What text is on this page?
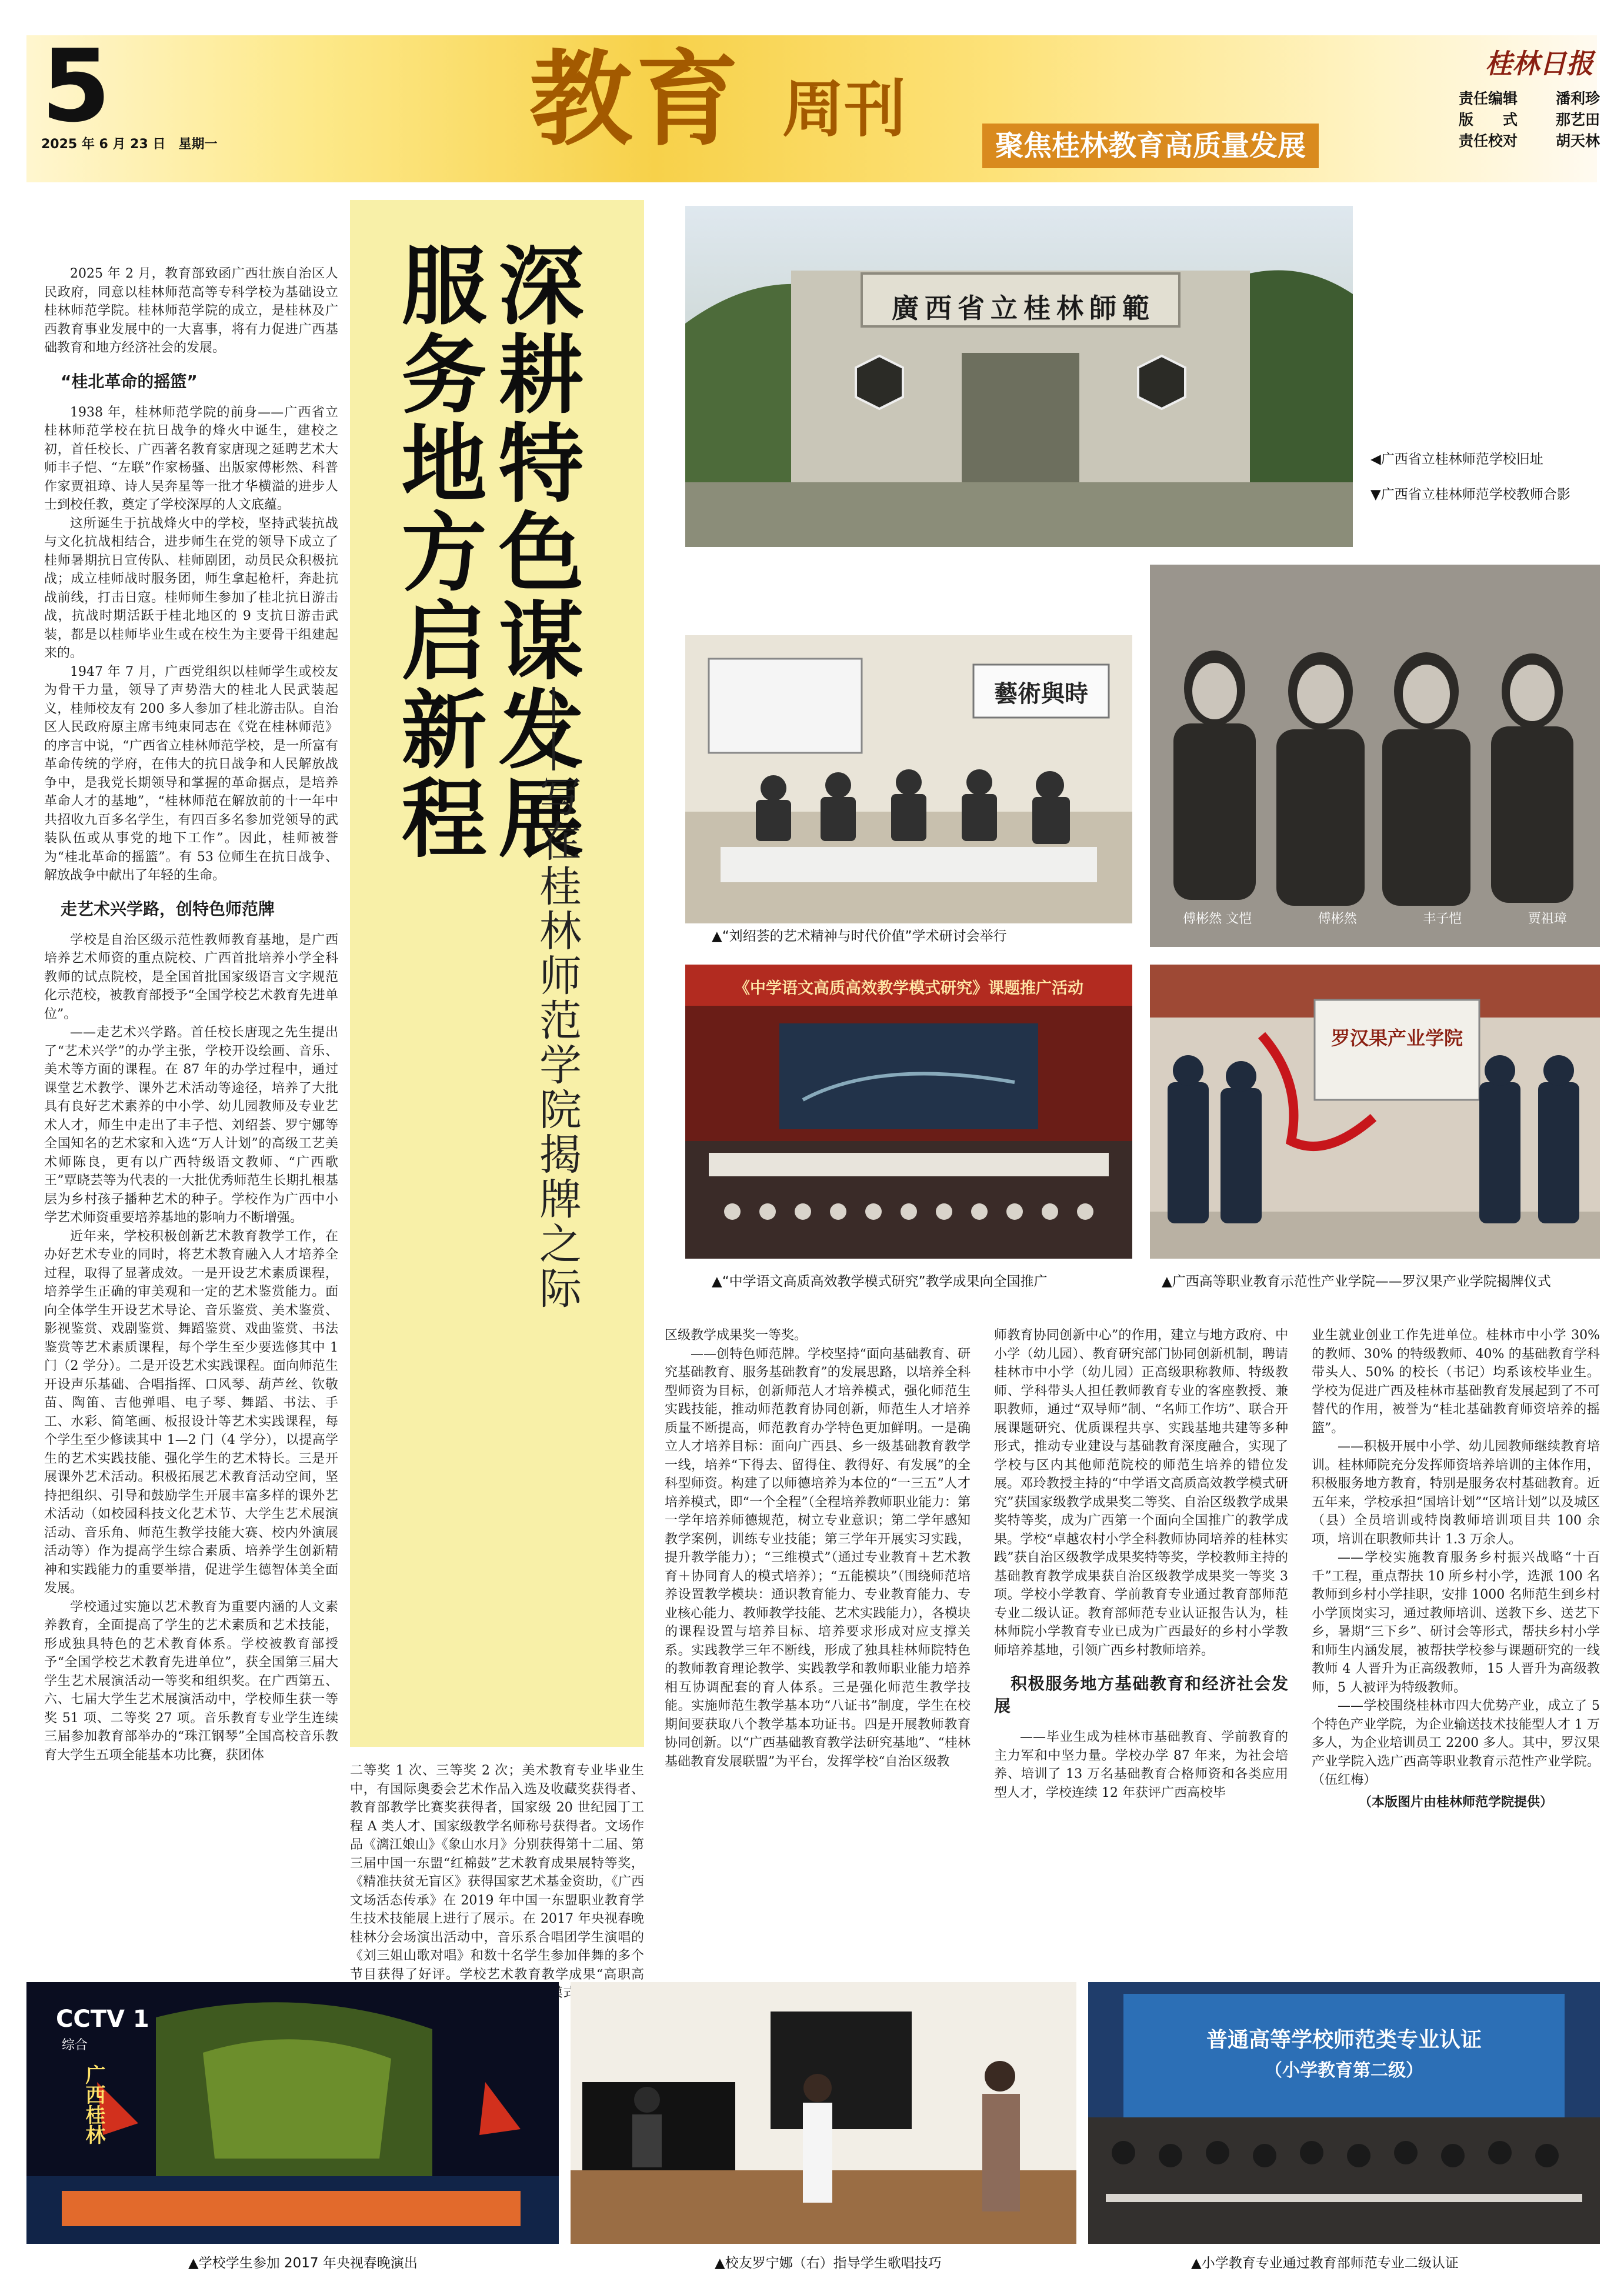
5
2025 年 6 月 23 日　星期一	教育 周刊
聚焦桂林教育高质量发展
桂林日报
责任编辑	潘利珍
版　　式	那艺田
责任校对	胡天林
深耕特色谋发展
服务地方启新程
——写在桂林师范学院揭牌之际

2025 年 2 月，教育部致函广西壮族自治区人民政府，同意以桂林师范高等专科学校为基础设立桂林师范学院。桂林师范学院的成立，是桂林及广西教育事业发展中的一大喜事，将有力促进广西基础教育和地方经济社会的发展。

“桂北革命的摇篮”

1938 年，桂林师范学院的前身——广西省立桂林师范学校在抗日战争的烽火中诞生，建校之初，首任校长、广西著名教育家唐现之延聘艺术大师丰子恺、“左联”作家杨骚、出版家傅彬然、科普作家贾祖璋、诗人吴奔星等一批才华横溢的进步人士到校任教，奠定了学校深厚的人文底蕴。

这所诞生于抗战烽火中的学校，坚持武装抗战与文化抗战相结合，进步师生在党的领导下成立了桂师暑期抗日宣传队、桂师剧团，动员民众积极抗战；成立桂师战时服务团，师生拿起枪杆，奔赴抗战前线，打击日寇。桂师师生参加了桂北抗日游击战，抗战时期活跃于桂北地区的 9 支抗日游击武装，都是以桂师毕业生或在校生为主要骨干组建起来的。

1947 年 7 月，广西党组织以桂师学生或校友为骨干力量，领导了声势浩大的桂北人民武装起义，桂师校友有 200 多人参加了桂北游击队。自治区人民政府原主席韦纯束同志在《党在桂林师范》的序言中说，“广西省立桂林师范学校，是一所富有革命传统的学府，在伟大的抗日战争和人民解放战争中，是我党长期领导和掌握的革命据点，是培养革命人才的基地”，“桂林师范在解放前的十一年中共招收九百多名学生，有四百多名参加党领导的武装队伍或从事党的地下工作”。因此，桂师被誉为“桂北革命的摇篮”。有 53 位师生在抗日战争、解放战争中献出了年轻的生命。

走艺术兴学路，创特色师范牌

学校是自治区级示范性教师教育基地，是广西培养艺术师资的重点院校、广西首批培养小学全科教师的试点院校，是全国首批国家级语言文字规范化示范校，被教育部授予“全国学校艺术教育先进单位”。

——走艺术兴学路。首任校长唐现之先生提出了“艺术兴学”的办学主张，学校开设绘画、音乐、美术等方面的课程。在 87 年的办学过程中，通过课堂艺术教学、课外艺术活动等途径，培养了大批具有良好艺术素养的中小学、幼儿园教师及专业艺术人才，师生中走出了丰子恺、刘绍荟、罗宁娜等全国知名的艺术家和入选“万人计划”的高级工艺美术师陈良，更有以广西特级语文教师、“广西歌王”覃晓芸等为代表的一大批优秀师范生长期扎根基层为乡村孩子播种艺术的种子。学校作为广西中小学艺术师资重要培养基地的影响力不断增强。

近年来，学校积极创新艺术教育教学工作，在办好艺术专业的同时，将艺术教育融入人才培养全过程，取得了显著成效。一是开设艺术素质课程，培养学生正确的审美观和一定的艺术鉴赏能力。面向全体学生开设艺术导论、音乐鉴赏、美术鉴赏、影视鉴赏、戏剧鉴赏、舞蹈鉴赏、戏曲鉴赏、书法鉴赏等艺术素质课程，每个学生至少要选修其中 1 门（2 学分）。二是开设艺术实践课程。面向师范生开设声乐基础、合唱指挥、口风琴、葫芦丝、钦敬苗、陶笛、吉他弹唱、电子琴、舞蹈、书法、手工、水彩、简笔画、板报设计等艺术实践课程，每个学生至少修读其中 1—2 门（4 学分），以提高学生的艺术实践技能、强化学生的艺术特长。三是开展课外艺术活动。积极拓展艺术教育活动空间，坚持把组织、引导和鼓励学生开展丰富多样的课外艺术活动（如校园科技文化艺术节、大学生艺术展演活动、音乐角、师范生教学技能大赛、校内外演展活动等）作为提高学生综合素质、培养学生创新精神和实践能力的重要举措，促进学生德智体美全面发展。

学校通过实施以艺术教育为重要内涵的人文素养教育，全面提高了学生的艺术素质和艺术技能，形成独具特色的艺术教育体系。学校被教育部授予“全国学校艺术教育先进单位”，获全国第三届大学生艺术展演活动一等奖和组织奖。在广西第五、六、七届大学生艺术展演活动中，学校师生获一等奖 51 项、二等奖 27 项。音乐教育专业学生连续三届参加教育部举办的“珠江钢琴”全国高校音乐教育大学生五项全能基本功比赛，获团体

二等奖 1 次、三等奖 2 次；美术教育专业毕业生中，有国际奥委会艺术作品入选及收藏奖获得者、教育部教学比赛奖获得者，国家级 20 世纪园丁工程 A 类人才、国家级教学名师称号获得者。文场作品《漓江娘山》《象山水月》分别获得第十二届、第三届中国一东盟“红棉鼓”艺术教育成果展特等奖，《精准扶贫无盲区》获得国家艺术基金资助，《广西文场活态传承》在 2019 年中国一东盟职业教育学生技术技能展上进行了展示。在 2017 年央视春晚桂林分会场演出活动中，音乐系合唱团学生演唱的《刘三姐山歌对唱》和数十名学生参加伴舞的多个节目获得了好评。学校艺术教育教学成果“高职高 模式

区级教学成果奖一等奖。

——创特色师范牌。学校坚持“面向基础教育、研究基础教育、服务基础教育”的发展思路，以培养全科型师资为目标，创新师范人才培养模式，强化师范生实践技能，推动师范教育协同创新，师范生人才培养质量不断提高，师范教育办学特色更加鲜明。一是确立人才培养目标：面向广西县、乡一级基础教育教学一线，培养“下得去、留得住、教得好、有发展”的全科型师资。构建了以师德培养为本位的“一三五”人才培养模式，即“一个全程”（全程培养教师职业能力：第一学年培养师德规范，树立专业意识；第二学年感知教学案例，训练专业技能；第三学年开展实习实践，提升教学能力）；“三维模式”（通过专业教育＋艺术教育＋协同育人的模式培养）；“五能模块”（围绕师范培养设置教学模块：通识教育能力、专业教育能力、专业核心能力、教师教学技能、艺术实践能力），各模块的课程设置与培养目标、培养要求形成对应支撑关系。实践教学三年不断线，形成了独具桂林师院特色的教师教育理论教学、实践教学和教师职业能力培养相互协调配套的育人体系。三是强化师范生教学技能。实施师范生教学基本功“八证书”制度，学生在校期间要获取八个教学基本功证书。四是开展教师教育协同创新。以“广西基础教育教学法研究基地”、“桂林基础教育发展联盟”为平台，发挥学校“自治区级教

师教育协同创新中心”的作用，建立与地方政府、中小学（幼儿园）、教育研究部门协同创新机制，聘请桂林市中小学（幼儿园）正高级职称教师、特级教师、学科带头人担任教师教育专业的客座教授、兼职教师，通过“双导师”制、“名师工作坊”、联合开展课题研究、优质课程共享、实践基地共建等多种形式，推动专业建设与基础教育深度融合，实现了学校与区内其他师范院校的师范生培养的错位发展。邓玲教授主持的“中学语文高质高效教学模式研究”获国家级教学成果奖二等奖、自治区级教学成果奖特等奖，成为广西第一个面向全国推广的教学成果。学校“卓越农村小学全科教师协同培养的桂林实践”获自治区级教学成果奖特等奖，学校教师主持的基础教育教学成果获自治区级教学成果奖一等奖 3 项。学校小学教育、学前教育专业通过教育部师范专业二级认证。教育部师范专业认证报告认为，桂林师院小学教育专业已成为广西最好的乡村小学教师培养基地，引领广西乡村教师培养。

积极服务地方基础教育和经济社会发展

——毕业生成为桂林市基础教育、学前教育的主力军和中坚力量。学校办学 87 年来，为社会培养、培训了 13 万名基础教育合格师资和各类应用型人才，学校连续 12 年获评广西高校毕

业生就业创业工作先进单位。桂林市中小学 30% 的教师、30% 的特级教师、40% 的基础教育学科带头人、50% 的校长（书记）均系该校毕业生。学校为促进广西及桂林市基础教育发展起到了不可替代的作用，被誉为“桂北基础教育师资培养的摇篮”。

——积极开展中小学、幼儿园教师继续教育培训。桂林师院充分发挥师资培养培训的主体作用，积极服务地方教育，特别是服务农村基础教育。近五年来，学校承担“国培计划”“区培计划”以及城区（县）全员培训或特岗教师培训项目共 100 余项，培训在职教师共计 1.3 万余人。

——学校实施教育服务乡村振兴战略“十百千”工程，重点帮扶 10 所乡村小学，选派 100 名教师到乡村小学挂职，安排 1000 名师范生到乡村小学顶岗实习，通过教师培训、送教下乡、送艺下乡，暑期“三下乡”、研讨会等形式，帮扶乡村小学和师生内涵发展，被帮扶学校参与课题研究的一线教师 4 人晋升为正高级教师，15 人晋升为高级教师，5 人被评为特级教师。

——学校围绕桂林市四大优势产业，成立了 5 个特色产业学院，为企业输送技术技能型人才 1 万多人，为企业培训员工 2200 多人。其中，罗汉果产业学院入选广西高等职业教育示范性产业学院。（伍红梅）

（本版图片由桂林师范学院提供）

廣西省立桂林師範
◀广西省立桂林师范学校旧址
▼广西省立桂林师范学校教师合影
傅彬然 文恺	傅彬然	丰子恺	贾祖璋
藝術與時
▲“刘绍荟的艺术精神与时代价值”学术研讨会举行
《中学语文高质高效教学模式研究》课题推广活动
▲“中学语文高质高效教学模式研究”教学成果向全国推广
罗汉果产业学院
▲广西高等职业教育示范性产业学院——罗汉果产业学院揭牌仪式
CCTV 1
综合
广西桂林
▲学校学生参加 2017 年央视春晚演出	▲校友罗宁娜（右）指导学生歌唱技巧
普通高等学校师范类专业认证
（小学教育第二级）
▲小学教育专业通过教育部师范专业二级认证
